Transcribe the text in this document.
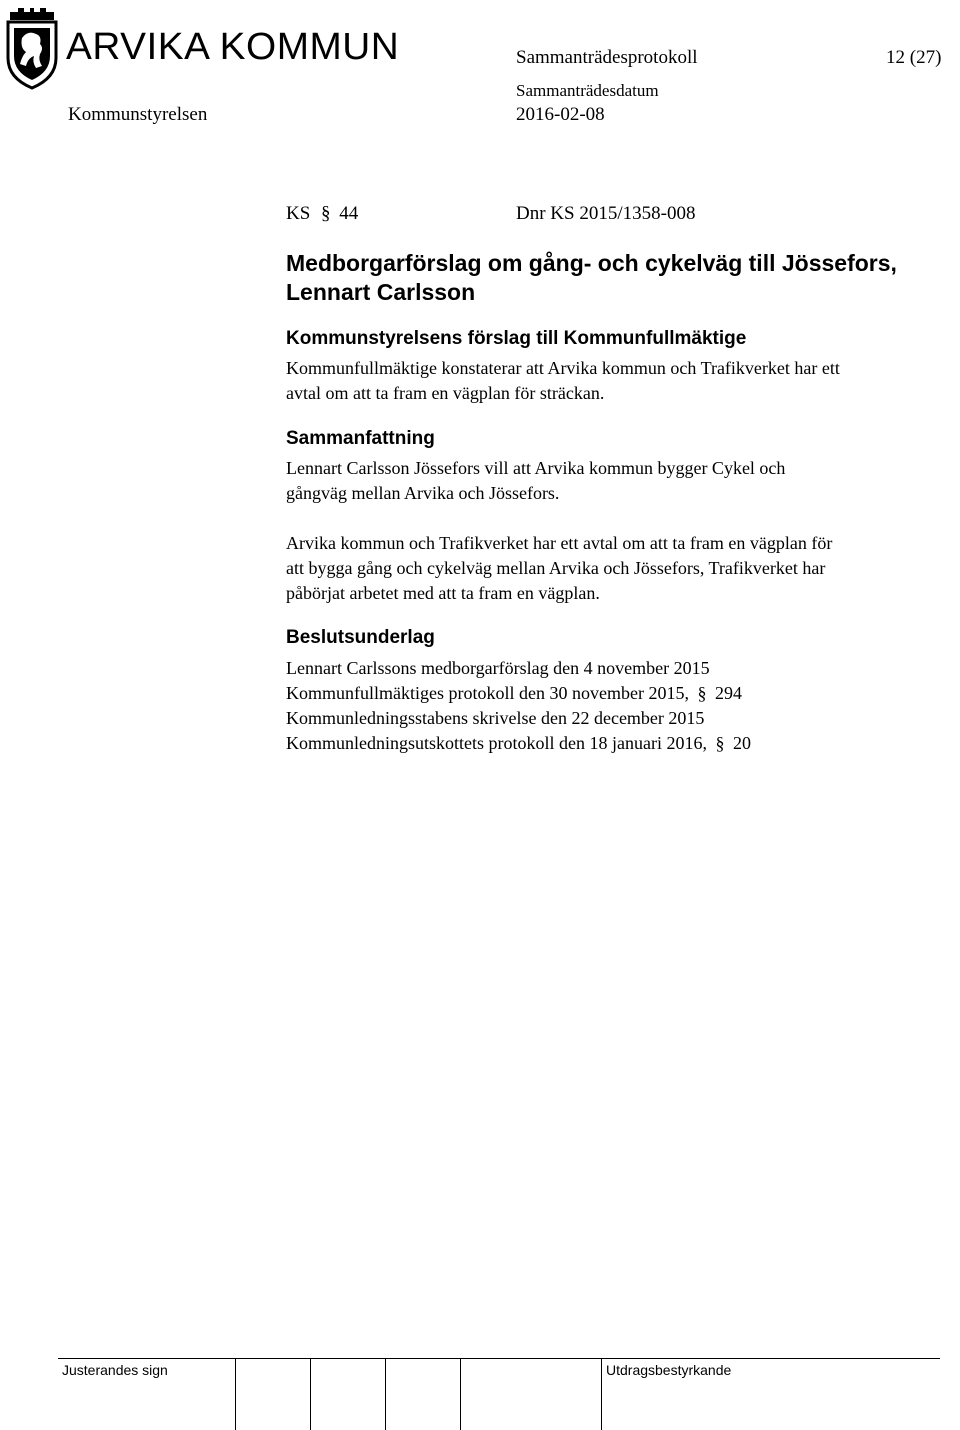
ARVIKA KOMMUN	Sammanträdesprotokoll	12 (27)
Sammanträdesdatum
Kommunstyrelsen	2016-02-08
KS § 44	Dnr KS 2015/1358-008
Medborgarförslag om gång- och cykelväg till Jössefors,
Lennart Carlsson
Kommunstyrelsens förslag till Kommunfullmäktige
Kommunfullmäktige konstaterar att Arvika kommun och Trafikverket har ett
avtal om att ta fram en vägplan för sträckan.
Sammanfattning
Lennart Carlsson Jössefors vill att Arvika kommun bygger Cykel och
gångväg mellan Arvika och Jössefors.
Arvika kommun och Trafikverket har ett avtal om att ta fram en vägplan för
att bygga gång och cykelväg mellan Arvika och Jössefors, Trafikverket har
påbörjat arbetet med att ta fram en vägplan.
Beslutsunderlag
Lennart Carlssons medborgarförslag den 4 november 2015
Kommunfullmäktiges protokoll den 30 november 2015, § 294
Kommunledningsstabens skrivelse den 22 december 2015
Kommunledningsutskottets protokoll den 18 januari 2016, § 20
Justerandes sign	Utdragsbestyrkande
